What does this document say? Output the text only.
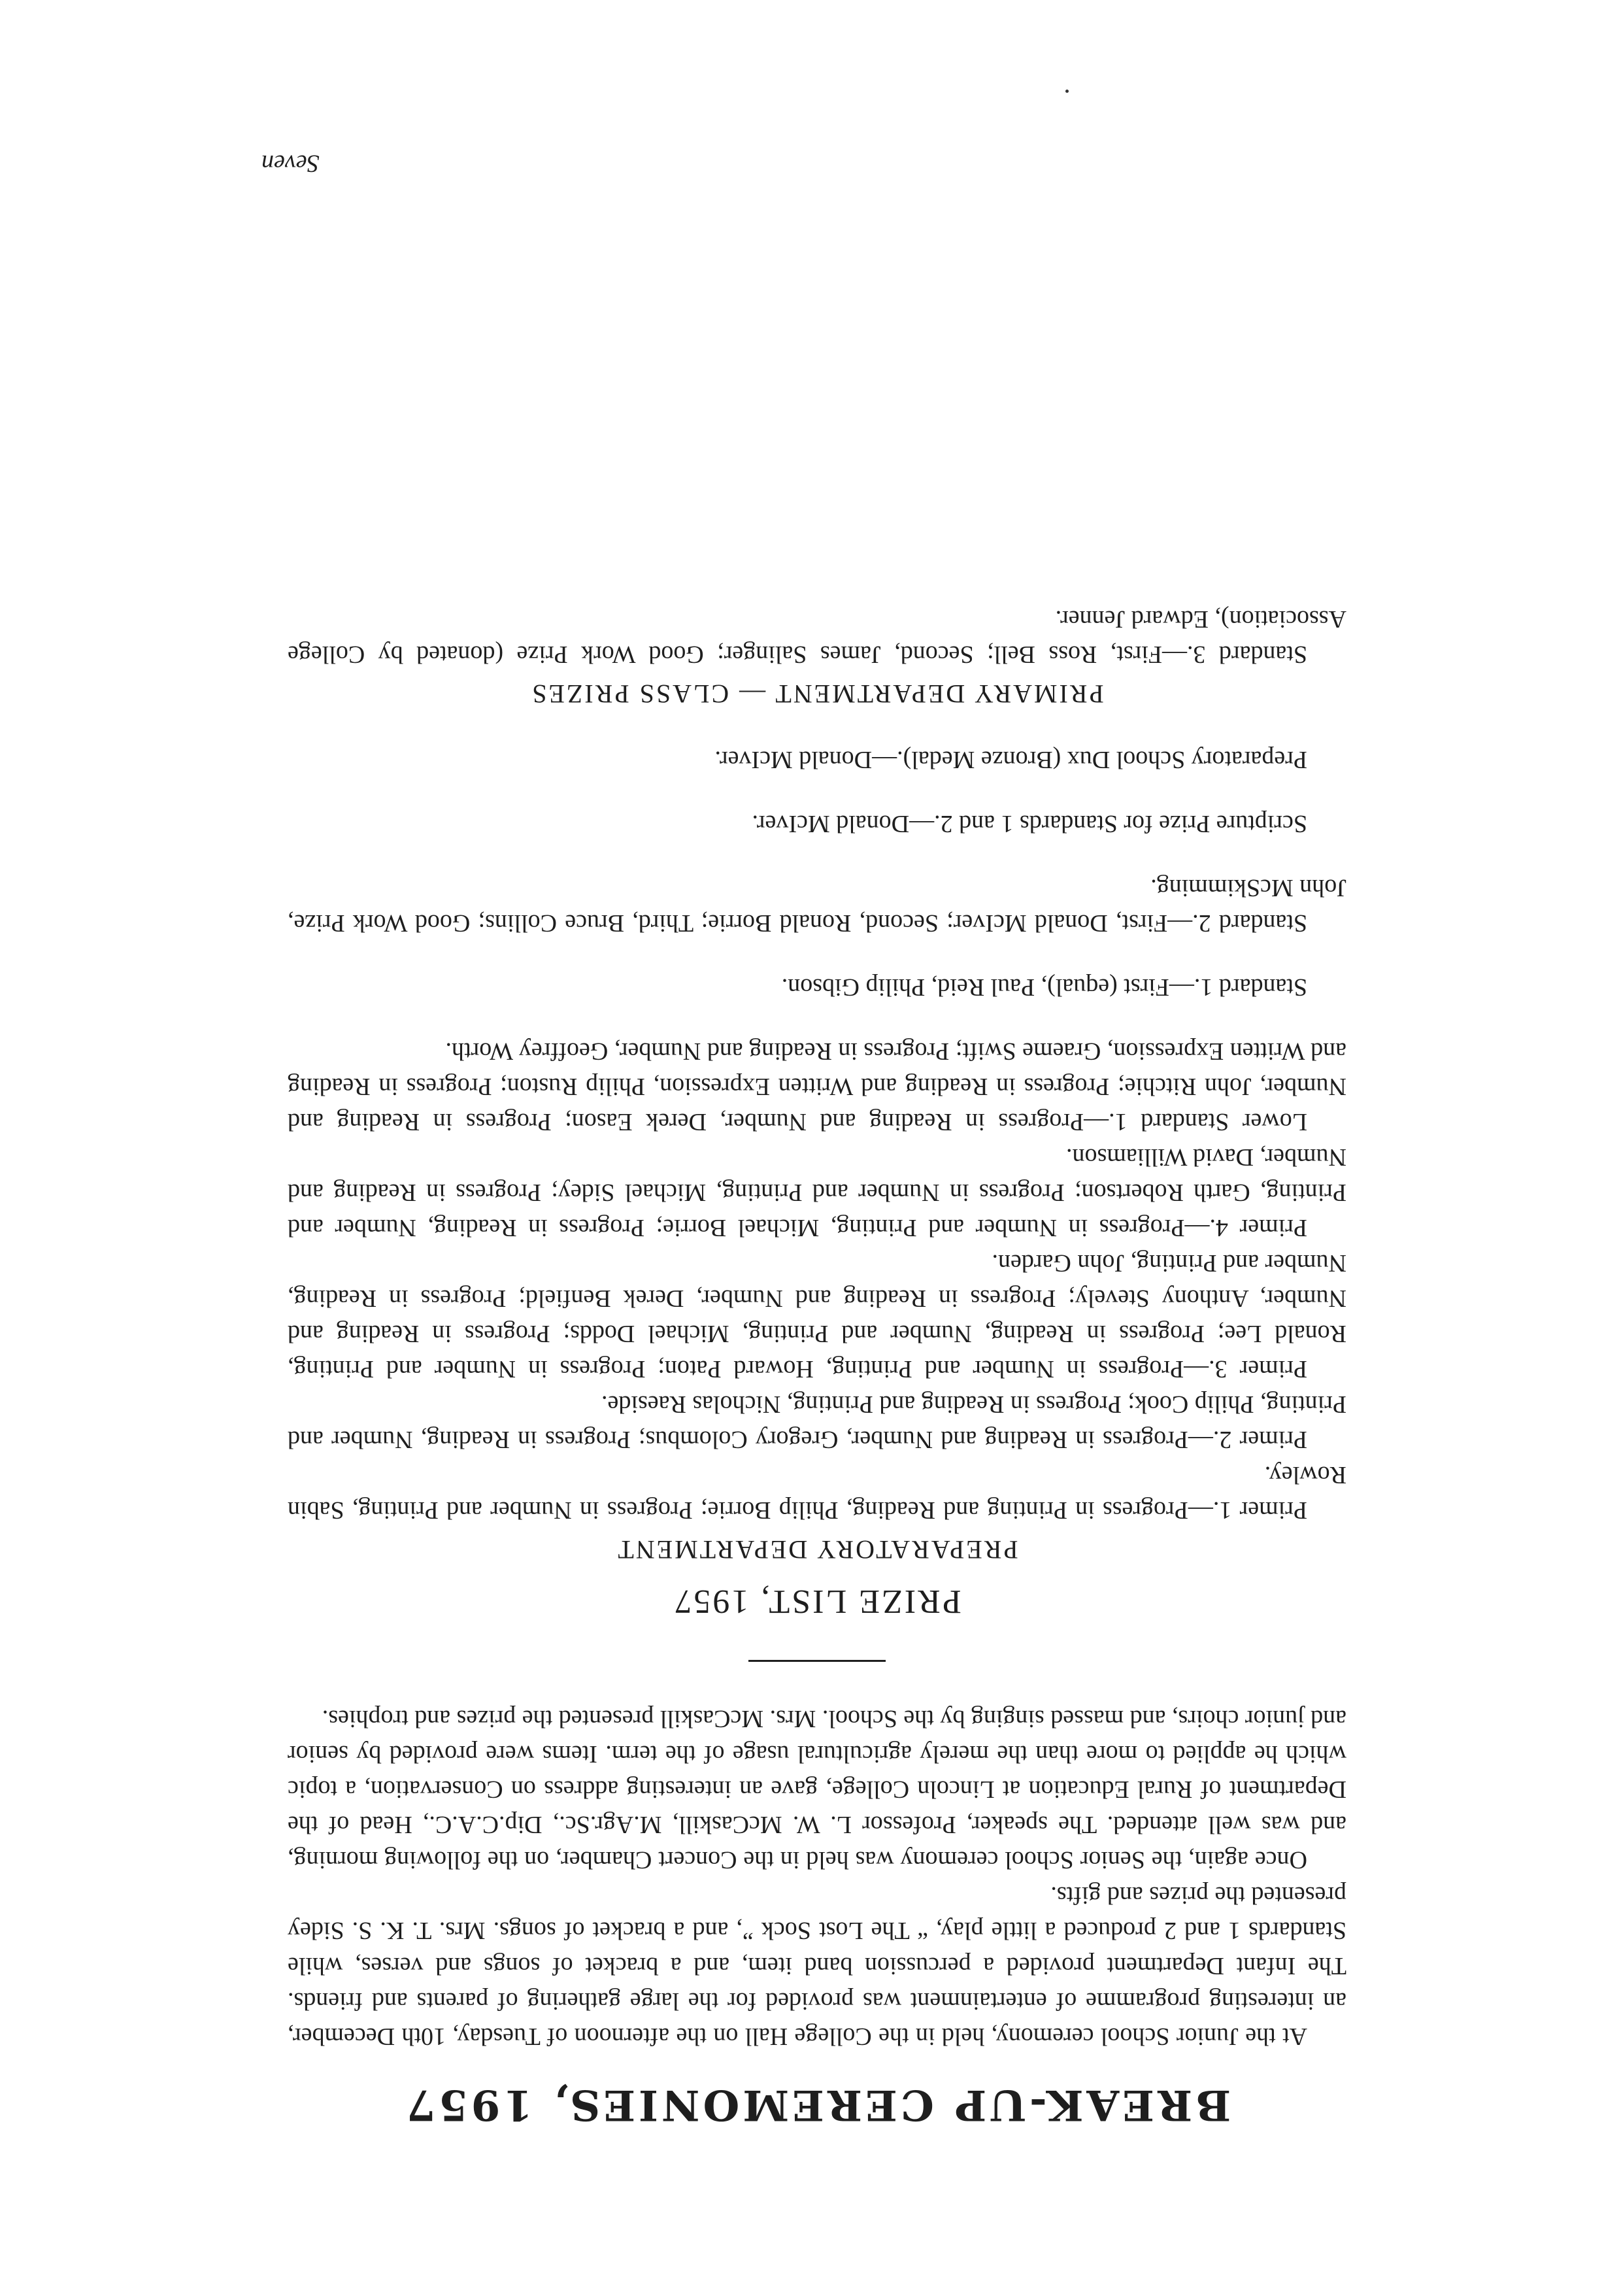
BREAK-UP CEREMONIES, 1957

At the Junior School ceremony, held in the College Hall on the afternoon of Tuesday, 10th December, an interesting programme of entertainment was provided for the large gathering of parents and friends. The Infant Department provided a percussion band item, and a bracket of songs and verses, while Standards 1 and 2 produced a little play, “ The Lost Sock ”, and a bracket of songs. Mrs. T. K. S. Sidey presented the prizes and gifts.

Once again, the Senior School ceremony was held in the Concert Chamber, on the following morning, and was well attended. The speaker, Professor L. W. McCaskill, M.Agr.Sc., Dip.C.A.C., Head of the Department of Rural Education at Lincoln College, gave an interesting address on Conservation, a topic which he applied to more than the merely agricultural usage of the term. Items were provided by senior and junior choirs, and massed singing by the School. Mrs. McCaskill presented the prizes and trophies.

PRIZE LIST, 1957
PREPARATORY DEPARTMENT

Primer 1.—Progress in Printing and Reading, Philip Borrie; Progress in Number and Printing, Sabin Rowley.

Primer 2.—Progress in Reading and Number, Gregory Colombus; Progress in Reading, Number and Printing, Philip Cook; Progress in Reading and Printing, Nicholas Raeside.

Primer 3.—Progress in Number and Printing, Howard Paton; Progress in Number and Printing, Ronald Lee; Progress in Reading, Number and Printing, Michael Dodds; Progress in Reading and Number, Anthony Stevely; Progress in Reading and Number, Derek Benfield; Progress in Reading, Number and Printing, John Garden.

Primer 4.—Progress in Number and Printing, Michael Borrie; Progress in Reading, Number and Printing, Garth Robertson; Progress in Number and Printing, Michael Sidey; Progress in Reading and Number, David Williamson.

Lower Standard 1.—Progress in Reading and Number, Derek Eason; Progress in Reading and Number, John Ritchie; Progress in Reading and Written Expression, Philip Ruston; Progress in Reading and Written Expression, Graeme Swift; Progress in Reading and Number, Geoffrey Worth.

Standard 1.—First (equal), Paul Reid, Philip Gibson.

Standard 2.—First, Donald McIver; Second, Ronald Borrie; Third, Bruce Collins; Good Work Prize, John McSkimming.

Scripture Prize for Standards 1 and 2.—Donald McIver.

Preparatory School Dux (Bronze Medal).—Donald McIver.

PRIMARY DEPARTMENT — CLASS PRIZES

Standard 3.—First, Ross Bell; Second, James Salinger; Good Work Prize (donated by College Association), Edward Jenner.

Seven
